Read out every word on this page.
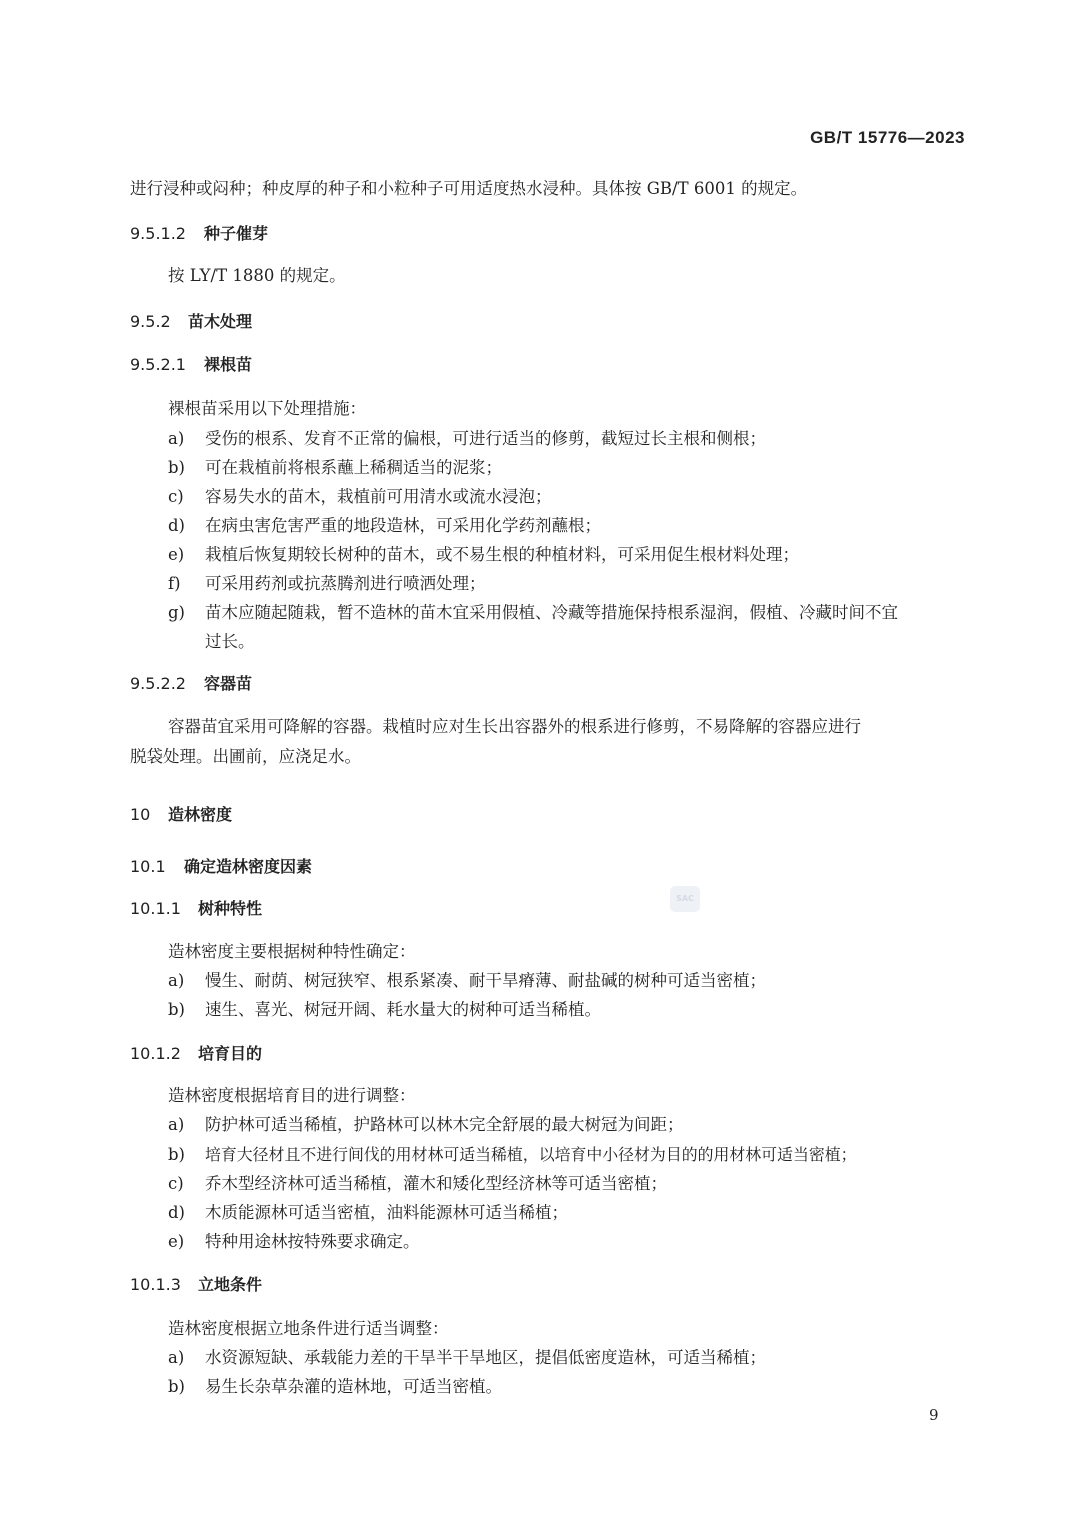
GB/T 15776—2023
进行浸种或闷种；种皮厚的种子和小粒种子可用适度热水浸种。具体按 GB/T 6001 的规定。
9.5.1.2 种子催芽
按 LY/T 1880 的规定。
9.5.2 苗木处理
9.5.2.1 裸根苗
裸根苗采用以下处理措施：
a) 受伤的根系、发育不正常的偏根，可进行适当的修剪，截短过长主根和侧根；
b) 可在栽植前将根系蘸上稀稠适当的泥浆；
c) 容易失水的苗木，栽植前可用清水或流水浸泡；
d) 在病虫害危害严重的地段造林，可采用化学药剂蘸根；
e) 栽植后恢复期较长树种的苗木，或不易生根的种植材料，可采用促生根材料处理；
f) 可采用药剂或抗蒸腾剂进行喷洒处理；
g) 苗木应随起随栽，暂不造林的苗木宜采用假植、冷藏等措施保持根系湿润，假植、冷藏时间不宜
过长。
9.5.2.2 容器苗
容器苗宜采用可降解的容器。栽植时应对生长出容器外的根系进行修剪，不易降解的容器应进行
脱袋处理。出圃前，应浇足水。
10 造林密度
10.1 确定造林密度因素
SAC
10.1.1 树种特性
造林密度主要根据树种特性确定：
a) 慢生、耐荫、树冠狭窄、根系紧凑、耐干旱瘠薄、耐盐碱的树种可适当密植；
b) 速生、喜光、树冠开阔、耗水量大的树种可适当稀植。
10.1.2 培育目的
造林密度根据培育目的进行调整：
a) 防护林可适当稀植，护路林可以林木完全舒展的最大树冠为间距；
b) 培育大径材且不进行间伐的用材林可适当稀植，以培育中小径材为目的的用材林可适当密植；
c) 乔木型经济林可适当稀植，灌木和矮化型经济林等可适当密植；
d) 木质能源林可适当密植，油料能源林可适当稀植；
e) 特种用途林按特殊要求确定。
10.1.3 立地条件
造林密度根据立地条件进行适当调整：
a) 水资源短缺、承载能力差的干旱半干旱地区，提倡低密度造林，可适当稀植；
b) 易生长杂草杂灌的造林地，可适当密植。
9
